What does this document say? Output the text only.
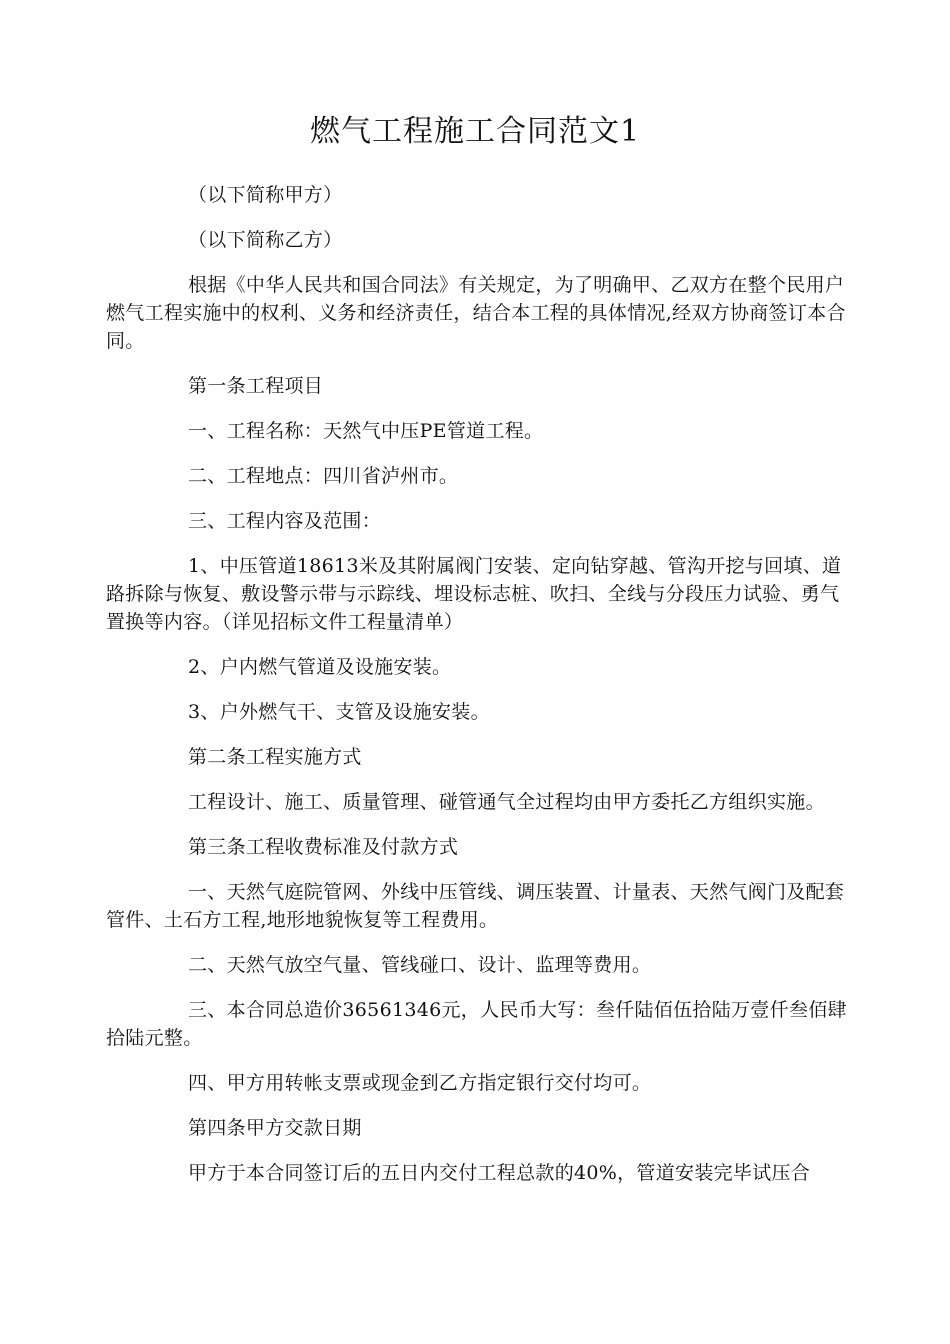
燃气工程施工合同范文1

（以下简称甲方）

（以下简称乙方）

根据《中华人民共和国合同法》有关规定，为了明确甲、乙双方在整个民用户燃气工程实施中的权利、义务和经济责任，结合本工程的具体情况,经双方协商签订本合同。

第一条工程项目

一、工程名称：天然气中压PE管道工程。

二、工程地点：四川省泸州市。

三、工程内容及范围：

1、中压管道18613米及其附属阀门安装、定向钻穿越、管沟开挖与回填、道路拆除与恢复、敷设警示带与示踪线、埋设标志桩、吹扫、全线与分段压力试验、勇气置换等内容。（详见招标文件工程量清单）

2、户内燃气管道及设施安装。

3、户外燃气干、支管及设施安装。

第二条工程实施方式

工程设计、施工、质量管理、碰管通气全过程均由甲方委托乙方组织实施。

第三条工程收费标准及付款方式

一、天然气庭院管网、外线中压管线、调压装置、计量表、天然气阀门及配套管件、土石方工程,地形地貌恢复等工程费用。

二、天然气放空气量、管线碰口、设计、监理等费用。

三、本合同总造价36561346元，人民币大写：叁仟陆佰伍拾陆万壹仟叁佰肆拾陆元整。

四、甲方用转帐支票或现金到乙方指定银行交付均可。

第四条甲方交款日期

甲方于本合同签订后的五日内交付工程总款的40%，管道安装完毕试压合
